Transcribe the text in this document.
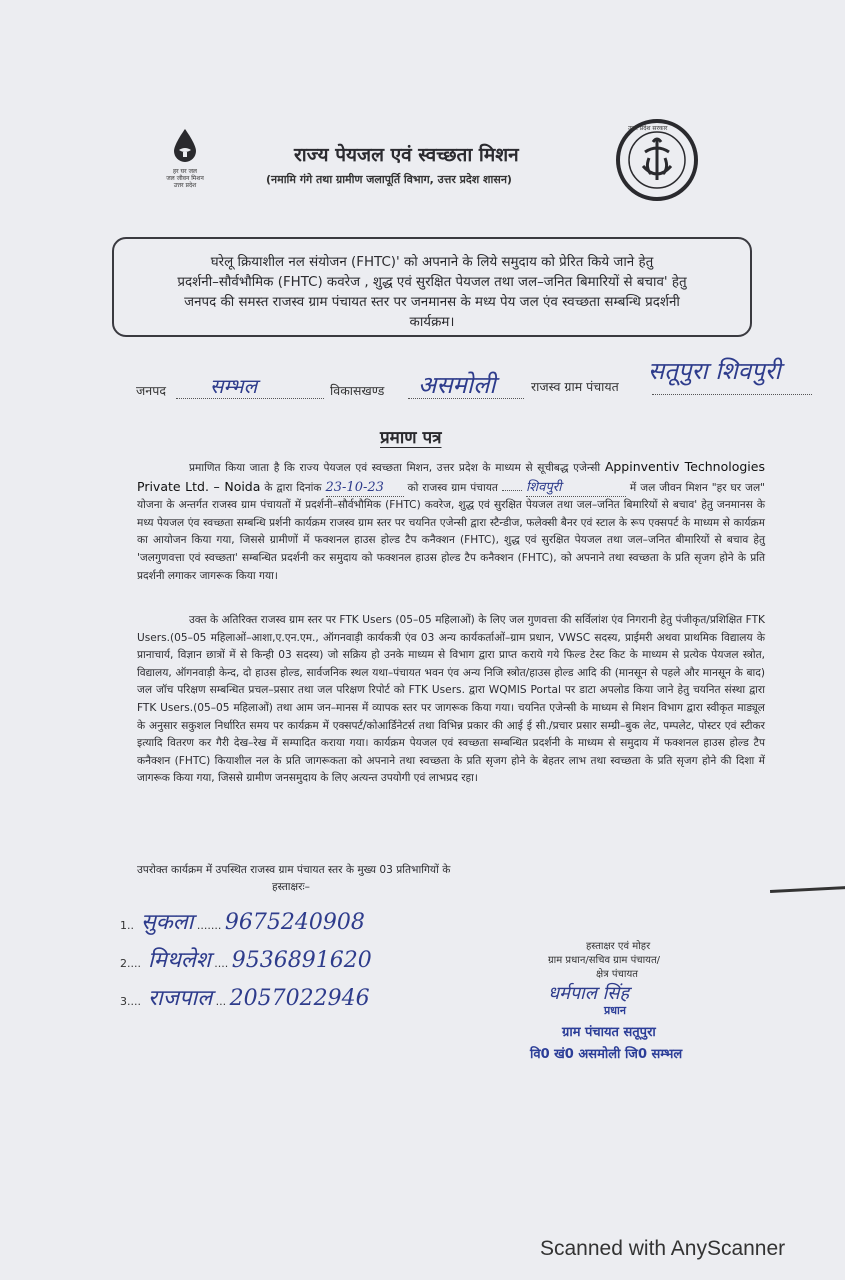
हर घर जल
जल जीवन मिशन
उत्तर प्रदेश
राज्य पेयजल एवं स्वच्छता मिशन
(नमामि गंगे तथा ग्रामीण जलापूर्ति विभाग, उत्तर प्रदेश शासन)
उत्तर प्रदेश सरकार
घरेलू क्रियाशील नल संयोजन (FHTC)' को अपनाने के लिये समुदाय को प्रेरित किये जाने हेतु
प्रदर्शनी–सौर्वभौमिक (FHTC) कवरेज , शुद्ध एवं सुरक्षित पेयजल तथा जल–जनित बिमारियों से बचाव' हेतु
जनपद की समस्त राजस्व ग्राम पंचायत स्तर पर जनमानस के मध्य पेय जल एंव स्वच्छता सम्बन्धि प्रदर्शनी
कार्यक्रम।
जनपद सम्भल	विकासखण्ड असमोली	राजस्व ग्राम पंचायत
सतूपुरा शिवपुरी
प्रमाण पत्र
प्रमाणित किया जाता है कि राज्य पेयजल एवं स्वच्छता मिशन, उत्तर प्रदेश के माध्यम से सूचीबद्ध एजेन्सी Appinventiv Technologies Private Ltd. – Noida के द्वारा दिनांक 23-10-23 को राजस्व ग्राम पंचायत शिवपुरी	में जल जीवन मिशन "हर घर जल" योजना के अन्तर्गत राजस्व ग्राम पंचायतों में प्रदर्शनी–सौर्वभौमिक (FHTC) कवरेज, शुद्ध एवं सुरक्षित पेयजल तथा जल–जनित बिमारियों से बचाव' हेतु जनमानस के मध्य पेयजल एंव स्वच्छता सम्बन्धि प्रर्शनी कार्यक्रम राजस्व ग्राम स्तर पर चयनित एजेन्सी द्वारा स्टैन्डीज, फलेक्सी बैनर एवं स्टाल के रूप एक्सपर्ट के माध्यम से कार्यक्रम का आयोजन किया गया, जिससे ग्रामीणों में फक्शनल हाउस होल्ड टैप कनैक्शन (FHTC), शुद्ध एवं सुरक्षित पेयजल तथा जल–जनित बीमारियों से बचाव हेतु 'जलगुणवत्ता एवं स्वच्छता' सम्बन्धित प्रदर्शनी कर समुदाय को फक्शनल हाउस होल्ड टैप कनैक्शन (FHTC), को अपनाने तथा स्वच्छता के प्रति सृजग होने के प्रति प्रदर्शनी लगाकर जागरूक किया गया।
उक्त के अतिरिक्त राजस्व ग्राम स्तर पर FTK Users (05–05 महिलाओं) के लिए जल गुणवत्ता की सर्विलांश एंव निगरानी हेतु पंजीकृत/प्रशिक्षित FTK Users.(05–05 महिलाओं–आशा,ए.एन.एम., ऑगनवाड़ी कार्यकत्री एंव 03 अन्य कार्यकर्ताओं–ग्राम प्रधान, VWSC सदस्य, प्राईमरी अथवा प्राथमिक विद्यालय के प्रानाचार्य, विज्ञान छात्रों में से किन्ही 03 सदस्य) जो सक्रिय हो उनके माध्यम से विभाग द्वारा प्राप्त कराये गये फिल्ड टेस्ट किट के माध्यम से प्रत्येक पेयजल स्त्रोत, विद्यालय, ऑगनवाड़ी केन्द, दो हाउस होल्ड, सार्वजनिक स्थल यथा–पंचायत भवन एंव अन्य निजि स्त्रोत/हाउस होल्ड आदि की (मानसून से पहले और मानसून के बाद) जल जॉच परिक्षण सम्बन्धित प्रचल–प्रसार तथा जल परिक्षण रिपोर्ट को FTK Users. द्वारा WQMIS Portal पर डाटा अपलोड किया जाने हेतु चयनित संस्था द्वारा FTK Users.(05–05 महिलाओं) तथा आम जन–मानस में व्यापक स्तर पर जागरूक किया गया। चयनित एजेन्सी के माध्यम से मिशन विभाग द्वारा स्वीकृत माड्यूल के अनुसार सकुशल निर्धारित समय पर कार्यक्रम में एक्सपर्ट/कोआर्डिनेटर्स तथा विभिन्न प्रकार की आई ई सी./प्रचार प्रसार सम्ग्री–बुक लेट, पम्पलेट, पोस्टर एवं स्टीकर इत्यादि वितरण कर गैरी देख–रेख में सम्पादित कराया गया। कार्यक्रम पेयजल एवं स्वच्छता सम्बन्धित प्रदर्शनी के माध्यम से समुदाय में फक्शनल हाउस होल्ड टैप कनैक्शन (FHTC) कियाशील नल के प्रति जागरूकता को अपनाने तथा स्वच्छता के प्रति सृजग होने के बेहतर लाभ तथा स्वच्छता के प्रति सृजग होने की दिशा में जागरूक किया गया, जिससे ग्रामीण जनसमुदाय के लिए अत्यन्त उपयोगी एवं लाभप्रद रहा।
उपरोक्त कार्यक्रम में उपस्थित राजस्व ग्राम पंचायत स्तर के मुख्य 03 प्रतिभागियों के
हस्ताक्षरः–
1.. सुकला ....... 9675240908
2.... मिथलेश .... 9536891620
3.... राजपाल ... 2057022946
हस्ताक्षर एवं मोहर
ग्राम प्रधान/सचिव ग्राम पंचायत/
क्षेत्र पंचायत
धर्मपाल सिंह
प्रधान
ग्राम पंचायत सतूपुरा
वि0 खं0 असमोली जि0 सम्भल
Scanned with AnyScanner
